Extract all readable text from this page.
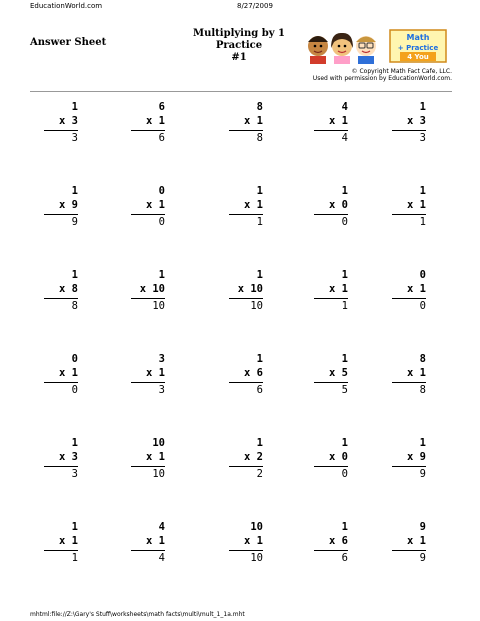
EducationWorld.com	8/27/2009
Answer Sheet
Multiplying by 1 Practice
#1
Math
+ Practice
4 You
© Copyright Math Fact Cafe, LLC.
Used with permission by EducationWorld.com.
1
x 3
3
6
x 1
6
8
x 1
8
4
x 1
4
1
x 3
3
1
x 9
9
0
x 1
0
1
x 1
1
1
x 0
0
1
x 1
1
1
x 8
8
1
x 10
10
1
x 10
10
1
x 1
1
0
x 1
0
0
x 1
0
3
x 1
3
1
x 6
6
1
x 5
5
8
x 1
8
1
x 3
3
10
x 1
10
1
x 2
2
1
x 0
0
1
x 9
9
1
x 1
1
4
x 1
4
10
x 1
10
1
x 6
6
9
x 1
9
mhtml:file://Z:\Gary's Stuff\worksheets\math facts\multi\mult_1_1a.mht
